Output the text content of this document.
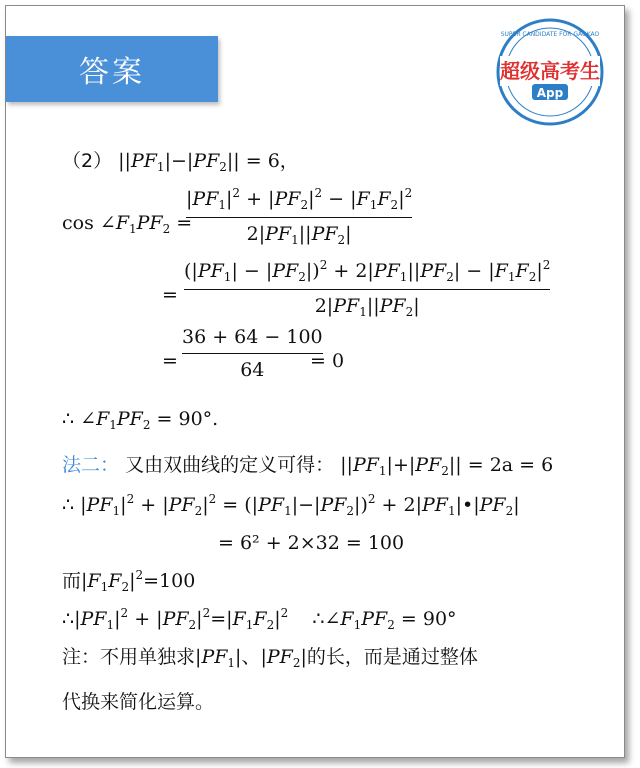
答案	超级高考生
App
SUPER CANDIDATE FOR GAOKAO
（2） $||PF_1|-|PF_2|| = 6$，
$\cos \angle F_1PF_2$ =
$|PF_1|^2 + |PF_2|^2 - |F_1F_2|^2$
$2|PF_1||PF_2|$
=
$(|PF_1| - |PF_2|)^2 + 2|PF_1||PF_2| - |F_1F_2|^2$
$2|PF_1||PF_2|$
=
36 + 64 − 100
64	= 0
∴ $\angle F_1PF_2 = 90^\circ$.
法二： 又由双曲线的定义可得： $||PF_1|+|PF_2|| = 2a = 6$
∴ $|PF_1|^2 + |PF_2|^2 = (|PF_1|-|PF_2|)^2$ + $2|PF_1|•|PF_2|$
= 6² + 2×32 = 100
而$|F_1F_2|^2=100$
$\therefore|PF_1|^2 + |PF_2|^2=|F_1F_2|^2$    $\therefore\angle F_1PF_2 = 90^\circ$
注：不用单独求$|PF_1|$、$|PF_2|$的长，而是通过整体
代换来简化运算。
